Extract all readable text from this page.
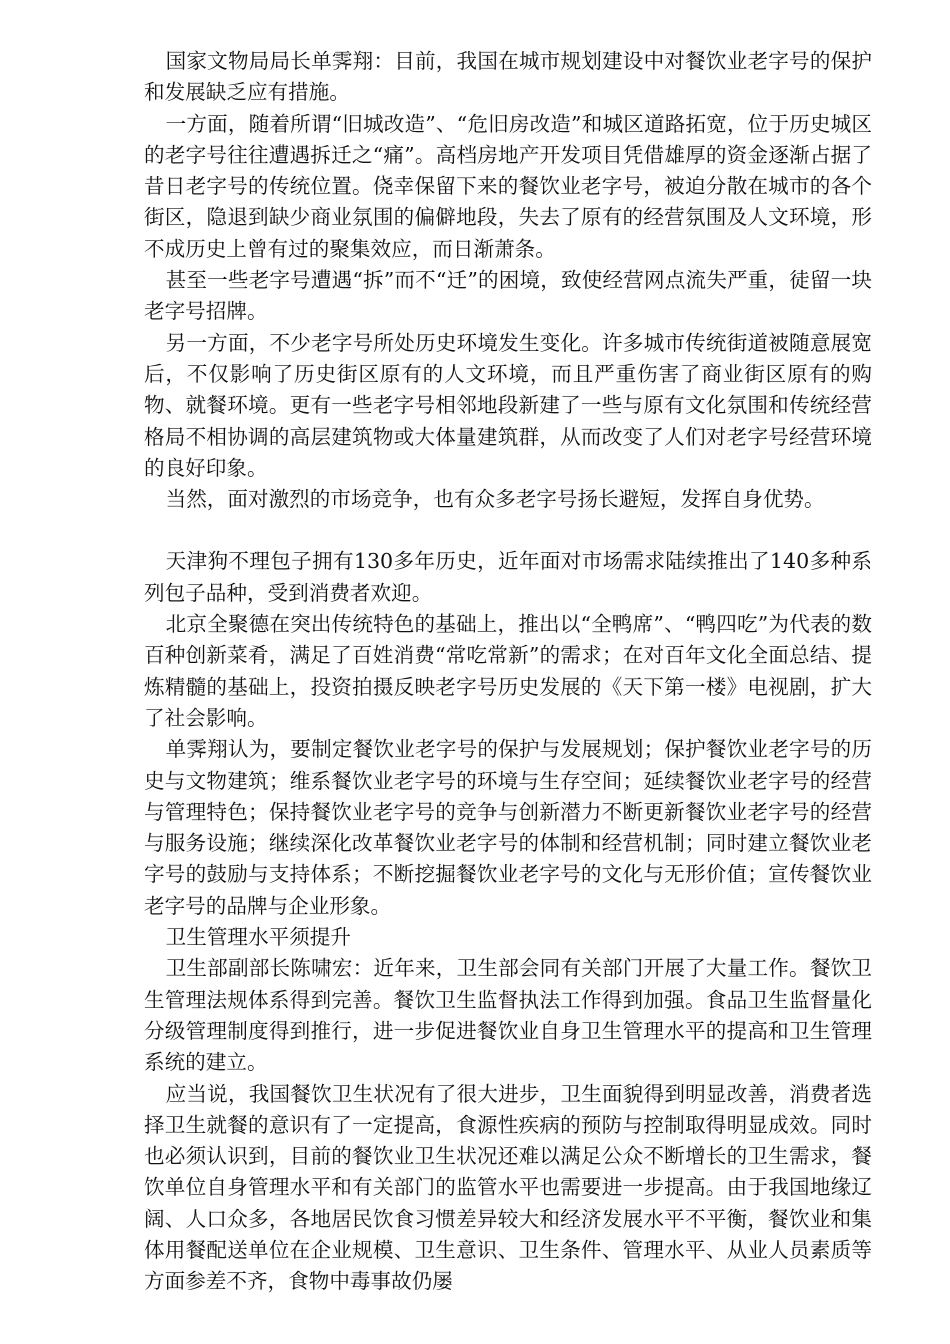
国家文物局局长单霁翔：目前，我国在城市规划建设中对餐饮业老字号的保护和发展缺乏应有措施。

一方面，随着所谓“旧城改造”、“危旧房改造”和城区道路拓宽，位于历史城区的老字号往往遭遇拆迁之“痛”。高档房地产开发项目凭借雄厚的资金逐渐占据了昔日老字号的传统位置。侥幸保留下来的餐饮业老字号，被迫分散在城市的各个街区，隐退到缺少商业氛围的偏僻地段，失去了原有的经营氛围及人文环境，形不成历史上曾有过的聚集效应，而日渐萧条。

甚至一些老字号遭遇“拆”而不“迁”的困境，致使经营网点流失严重，徒留一块老字号招牌。

另一方面，不少老字号所处历史环境发生变化。许多城市传统街道被随意展宽后，不仅影响了历史街区原有的人文环境，而且严重伤害了商业街区原有的购物、就餐环境。更有一些老字号相邻地段新建了一些与原有文化氛围和传统经营格局不相协调的高层建筑物或大体量建筑群，从而改变了人们对老字号经营环境的良好印象。

当然，面对激烈的市场竞争，也有众多老字号扬长避短，发挥自身优势。

天津狗不理包子拥有130多年历史，近年面对市场需求陆续推出了140多种系列包子品种，受到消费者欢迎。

北京全聚德在突出传统特色的基础上，推出以“全鸭席”、“鸭四吃”为代表的数百种创新菜肴，满足了百姓消费“常吃常新”的需求；在对百年文化全面总结、提炼精髓的基础上，投资拍摄反映老字号历史发展的《天下第一楼》电视剧，扩大了社会影响。

单霁翔认为，要制定餐饮业老字号的保护与发展规划；保护餐饮业老字号的历史与文物建筑；维系餐饮业老字号的环境与生存空间；延续餐饮业老字号的经营与管理特色；保持餐饮业老字号的竞争与创新潜力不断更新餐饮业老字号的经营与服务设施；继续深化改革餐饮业老字号的体制和经营机制；同时建立餐饮业老字号的鼓励与支持体系；不断挖掘餐饮业老字号的文化与无形价值；宣传餐饮业老字号的品牌与企业形象。

卫生管理水平须提升

卫生部副部长陈啸宏：近年来，卫生部会同有关部门开展了大量工作。餐饮卫生管理法规体系得到完善。餐饮卫生监督执法工作得到加强。食品卫生监督量化分级管理制度得到推行，进一步促进餐饮业自身卫生管理水平的提高和卫生管理系统的建立。

应当说，我国餐饮卫生状况有了很大进步，卫生面貌得到明显改善，消费者选择卫生就餐的意识有了一定提高，食源性疾病的预防与控制取得明显成效。同时也必须认识到，目前的餐饮业卫生状况还难以满足公众不断增长的卫生需求，餐饮单位自身管理水平和有关部门的监管水平也需要进一步提高。由于我国地缘辽阔、人口众多，各地居民饮食习惯差异较大和经济发展水平不平衡，餐饮业和集体用餐配送单位在企业规模、卫生意识、卫生条件、管理水平、从业人员素质等方面参差不齐，食物中毒事故仍屡
